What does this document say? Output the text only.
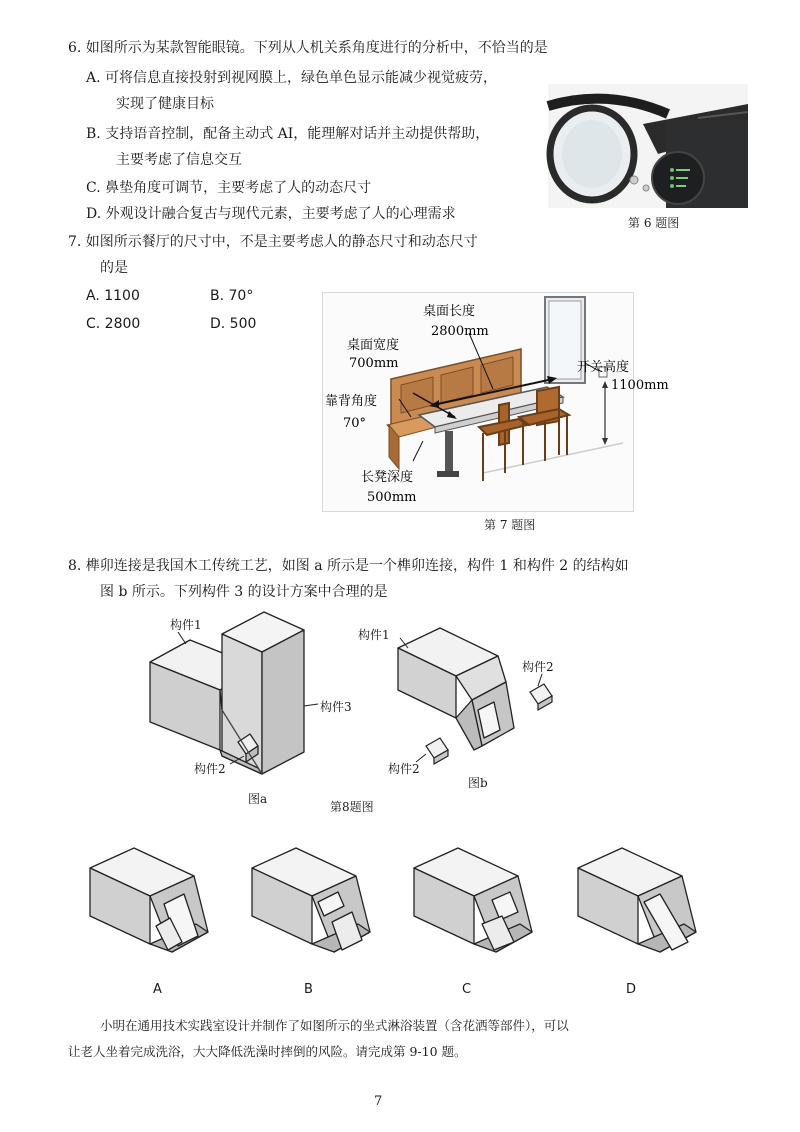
6. 如图所示为某款智能眼镜。下列从人机关系角度进行的分析中，不恰当的是
A. 可将信息直接投射到视网膜上，绿色单色显示能减少视觉疲劳，
实现了健康目标
B. 支持语音控制，配备主动式 AI，能理解对话并主动提供帮助，
主要考虑了信息交互
C. 鼻垫角度可调节，主要考虑了人的动态尺寸
D. 外观设计融合复古与现代元素，主要考虑了人的心理需求
第 6 题图
7. 如图所示餐厅的尺寸中，不是主要考虑人的静态尺寸和动态尺寸
的是
A. 1100	B. 70°
C. 2800	D. 500
桌面长度
2800mm
桌面宽度
700mm	开关高度
1100mm
靠背角度
70°
长凳深度
500mm
第 7 题图
8. 榫卯连接是我国木工传统工艺，如图 a 所示是一个榫卯连接，构件 1 和构件 2 的结构如
图 b 所示。下列构件 3 的设计方案中合理的是
构件1
构件3
构件2
图a
构件1
构件2
构件2
图b
第8题图
A	B	C	D
小明在通用技术实践室设计并制作了如图所示的坐式淋浴装置（含花洒等部件），可以
让老人坐着完成洗浴，大大降低洗澡时摔倒的风险。请完成第 9-10 题。
7
